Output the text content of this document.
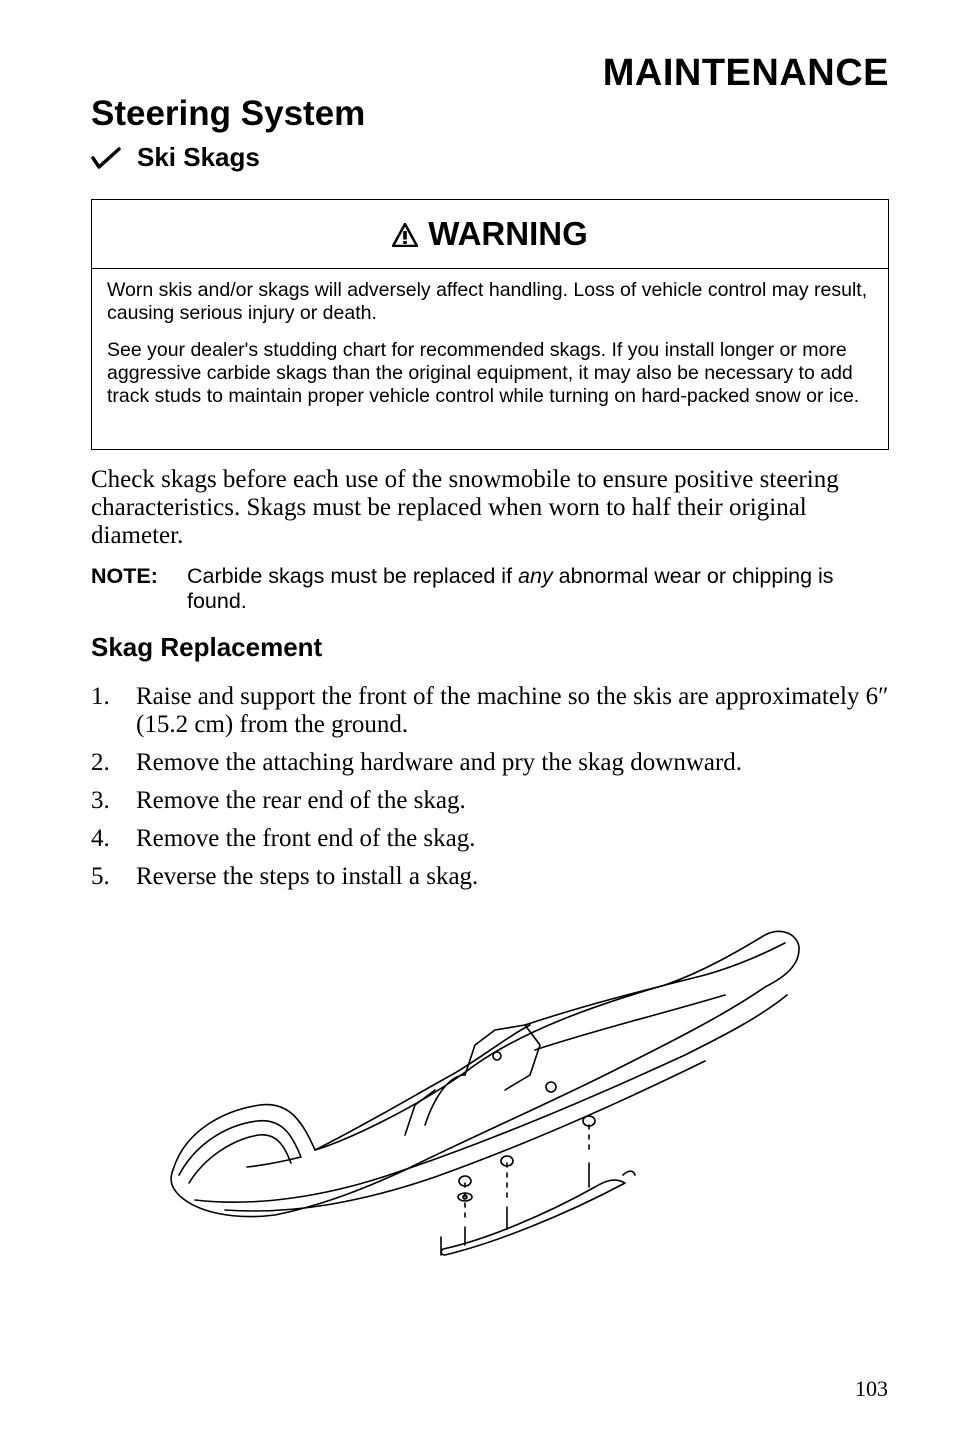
MAINTENANCE
Steering System
Ski Skags
WARNING

Worn skis and/or skags will adversely affect handling. Loss of vehicle control may result, causing serious injury or death.

See your dealer's studding chart for recommended skags. If you install longer or more aggressive carbide skags than the original equipment, it may also be necessary to add track studs to maintain proper vehicle control while turning on hard-packed snow or ice.

Check skags before each use of the snowmobile to ensure positive steering characteristics. Skags must be replaced when worn to half their original diameter.

NOTE: Carbide skags must be replaced if any abnormal wear or chipping is found.
Skag Replacement
1. Raise and support the front of the machine so the skis are approximately 6″ (15.2 cm) from the ground.
2. Remove the attaching hardware and pry the skag downward.
3. Remove the rear end of the skag.
4. Remove the front end of the skag.
5. Reverse the steps to install a skag.
103
